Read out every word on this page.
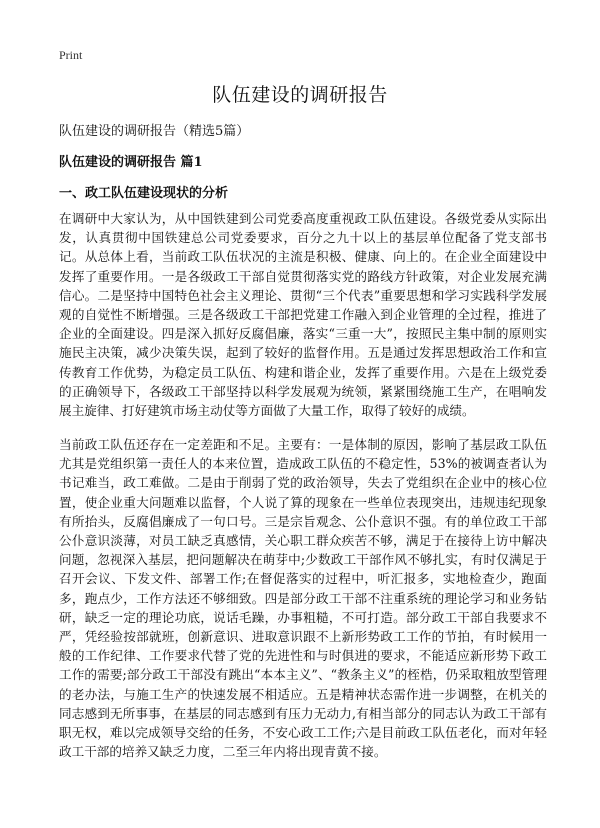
Print
队伍建设的调研报告
队伍建设的调研报告（精选5篇）
队伍建设的调研报告 篇1
一、政工队伍建设现状的分析

在调研中大家认为，从中国铁建到公司党委高度重视政工队伍建设。各级党委从实际出发，认真贯彻中国铁建总公司党委要求，百分之九十以上的基层单位配备了党支部书记。从总体上看，当前政工队伍状况的主流是积极、健康、向上的。在企业全面建设中发挥了重要作用。一是各级政工干部自觉贯彻落实党的路线方针政策，对企业发展充满信心。二是坚持中国特色社会主义理论、贯彻“三个代表”重要思想和学习实践科学发展观的自觉性不断增强。三是各级政工干部把党建工作融入到企业管理的全过程，推进了企业的全面建设。四是深入抓好反腐倡廉，落实“三重一大”，按照民主集中制的原则实施民主决策，减少决策失误，起到了较好的监督作用。五是通过发挥思想政治工作和宣传教育工作优势，为稳定员工队伍、构建和谐企业，发挥了重要作用。六是在上级党委的正确领导下，各级政工干部坚持以科学发展观为统领，紧紧围绕施工生产，在唱响发展主旋律、打好建筑市场主动仗等方面做了大量工作，取得了较好的成绩。

当前政工队伍还存在一定差距和不足。主要有：一是体制的原因，影响了基层政工队伍尤其是党组织第一责任人的本来位置，造成政工队伍的不稳定性，53%的被调查者认为书记难当，政工难做。二是由于削弱了党的政治领导，失去了党组织在企业中的核心位置，使企业重大问题难以监督，个人说了算的现象在一些单位表现突出，违规违纪现象有所抬头，反腐倡廉成了一句口号。三是宗旨观念、公仆意识不强。有的单位政工干部公仆意识淡薄，对员工缺乏真感情，关心职工群众疾苦不够，满足于在接待上访中解决问题，忽视深入基层，把问题解决在萌芽中;少数政工干部作风不够扎实，有时仅满足于召开会议、下发文件、部署工作;在督促落实的过程中，听汇报多，实地检查少，跑面多，跑点少，工作方法还不够细致。四是部分政工干部不注重系统的理论学习和业务钻研，缺乏一定的理论功底，说话毛躁，办事粗糙，不可打造。部分政工干部自我要求不严，凭经验按部就班，创新意识、进取意识跟不上新形势政工工作的节拍，有时候用一般的工作纪律、工作要求代替了党的先进性和与时俱进的要求，不能适应新形势下政工工作的需要;部分政工干部没有跳出“本本主义”、“教条主义”的桎梏，仍采取粗放型管理的老办法，与施工生产的快速发展不相适应。五是精神状态需作进一步调整，在机关的同志感到无所事事，在基层的同志感到有压力无动力,有相当部分的同志认为政工干部有职无权，难以完成领导交给的任务，不安心政工工作;六是目前政工队伍老化，而对年轻政工干部的培养又缺乏力度，二至三年内将出现青黄不接。
